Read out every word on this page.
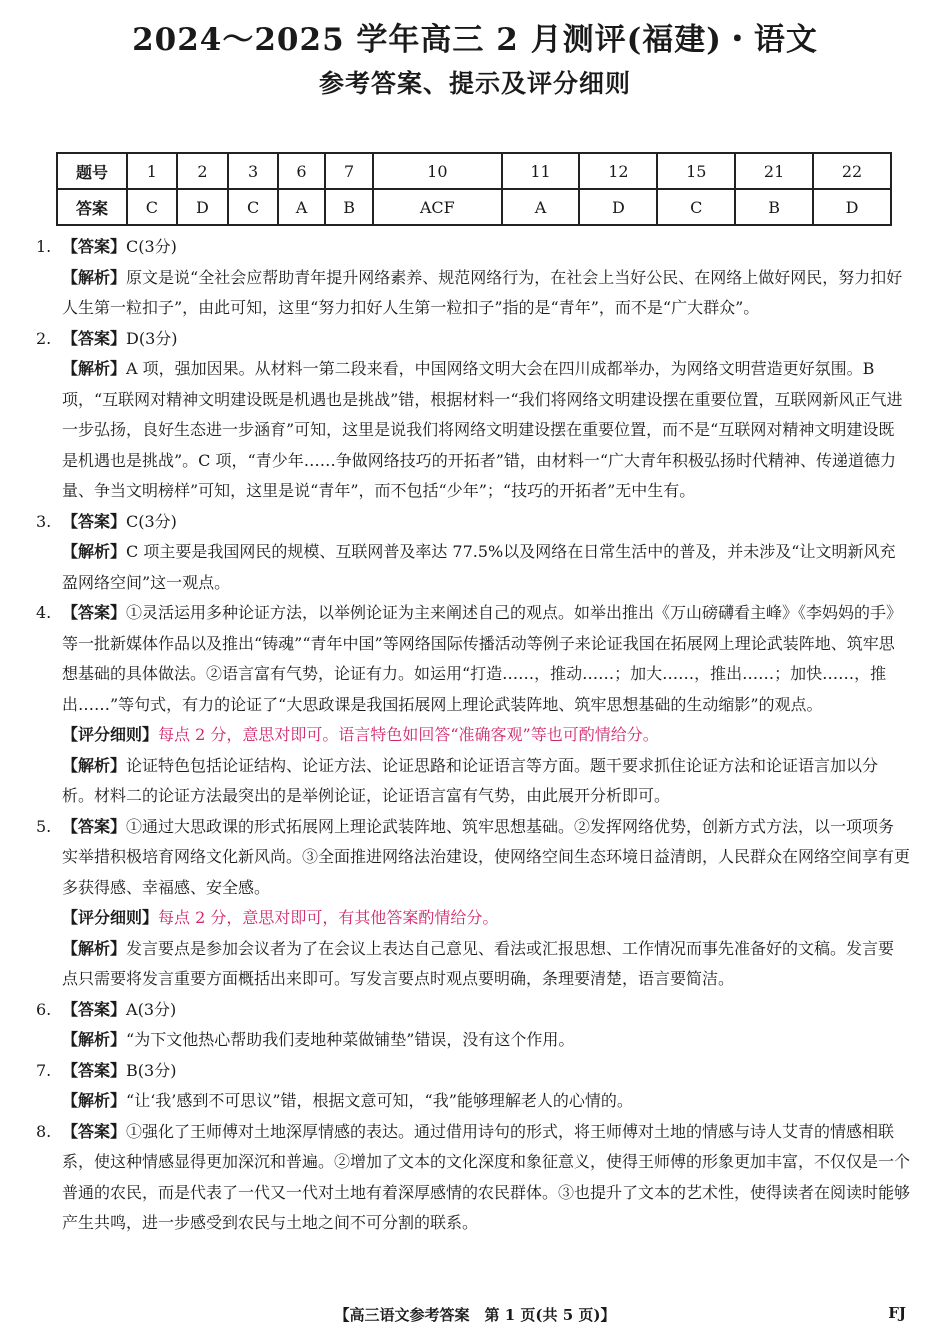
2024～2025 学年高三 2 月测评(福建)・语文
参考答案、提示及评分细则
题号	1	2	3	6	7	10	11	12	15	21	22
答案	C	D	C	A	B	ACF	A	D	C	B	D
1. 【答案】C(3分)
【解析】原文是说“全社会应帮助青年提升网络素养、规范网络行为，在社会上当好公民、在网络上做好网民，努力扣好人生第一粒扣子”，由此可知，这里“努力扣好人生第一粒扣子”指的是“青年”，而不是“广大群众”。
2. 【答案】D(3分)
【解析】A 项，强加因果。从材料一第二段来看，中国网络文明大会在四川成都举办，为网络文明营造更好氛围。B 项，“互联网对精神文明建设既是机遇也是挑战”错，根据材料一“我们将网络文明建设摆在重要位置，互联网新风正气进一步弘扬，良好生态进一步涵育”可知，这里是说我们将网络文明建设摆在重要位置，而不是“互联网对精神文明建设既是机遇也是挑战”。C 项，“青少年……争做网络技巧的开拓者”错，由材料一“广大青年积极弘扬时代精神、传递道德力量、争当文明榜样”可知，这里是说“青年”，而不包括“少年”；“技巧的开拓者”无中生有。
3. 【答案】C(3分)
【解析】C 项主要是我国网民的规模、互联网普及率达 77.5%以及网络在日常生活中的普及，并未涉及“让文明新风充盈网络空间”这一观点。
4. 【答案】①灵活运用多种论证方法，以举例论证为主来阐述自己的观点。如举出推出《万山磅礴看主峰》《李妈妈的手》等一批新媒体作品以及推出“铸魂”“青年中国”等网络国际传播活动等例子来论证我国在拓展网上理论武装阵地、筑牢思想基础的具体做法。②语言富有气势，论证有力。如运用“打造……，推动……；加大……，推出……；加快……，推出……”等句式，有力的论证了“大思政课是我国拓展网上理论武装阵地、筑牢思想基础的生动缩影”的观点。
【评分细则】每点 2 分，意思对即可。语言特色如回答“准确客观”等也可酌情给分。
【解析】论证特色包括论证结构、论证方法、论证思路和论证语言等方面。题干要求抓住论证方法和论证语言加以分析。材料二的论证方法最突出的是举例论证，论证语言富有气势，由此展开分析即可。
5. 【答案】①通过大思政课的形式拓展网上理论武装阵地、筑牢思想基础。②发挥网络优势，创新方式方法，以一项项务实举措积极培育网络文化新风尚。③全面推进网络法治建设，使网络空间生态环境日益清朗，人民群众在网络空间享有更多获得感、幸福感、安全感。
【评分细则】每点 2 分，意思对即可，有其他答案酌情给分。
【解析】发言要点是参加会议者为了在会议上表达自己意见、看法或汇报思想、工作情况而事先准备好的文稿。发言要点只需要将发言重要方面概括出来即可。写发言要点时观点要明确，条理要清楚，语言要简洁。
6. 【答案】A(3分)
【解析】“为下文他热心帮助我们麦地种菜做铺垫”错误，没有这个作用。
7. 【答案】B(3分)
【解析】“让‘我’感到不可思议”错，根据文意可知，“我”能够理解老人的心情的。
8. 【答案】①强化了王师傅对土地深厚情感的表达。通过借用诗句的形式，将王师傅对土地的情感与诗人艾青的情感相联系，使这种情感显得更加深沉和普遍。②增加了文本的文化深度和象征意义，使得王师傅的形象更加丰富，不仅仅是一个普通的农民，而是代表了一代又一代对土地有着深厚感情的农民群体。③也提升了文本的艺术性，使得读者在阅读时能够产生共鸣，进一步感受到农民与土地之间不可分割的联系。
【高三语文参考答案　第 1 页(共 5 页)】	FJ
